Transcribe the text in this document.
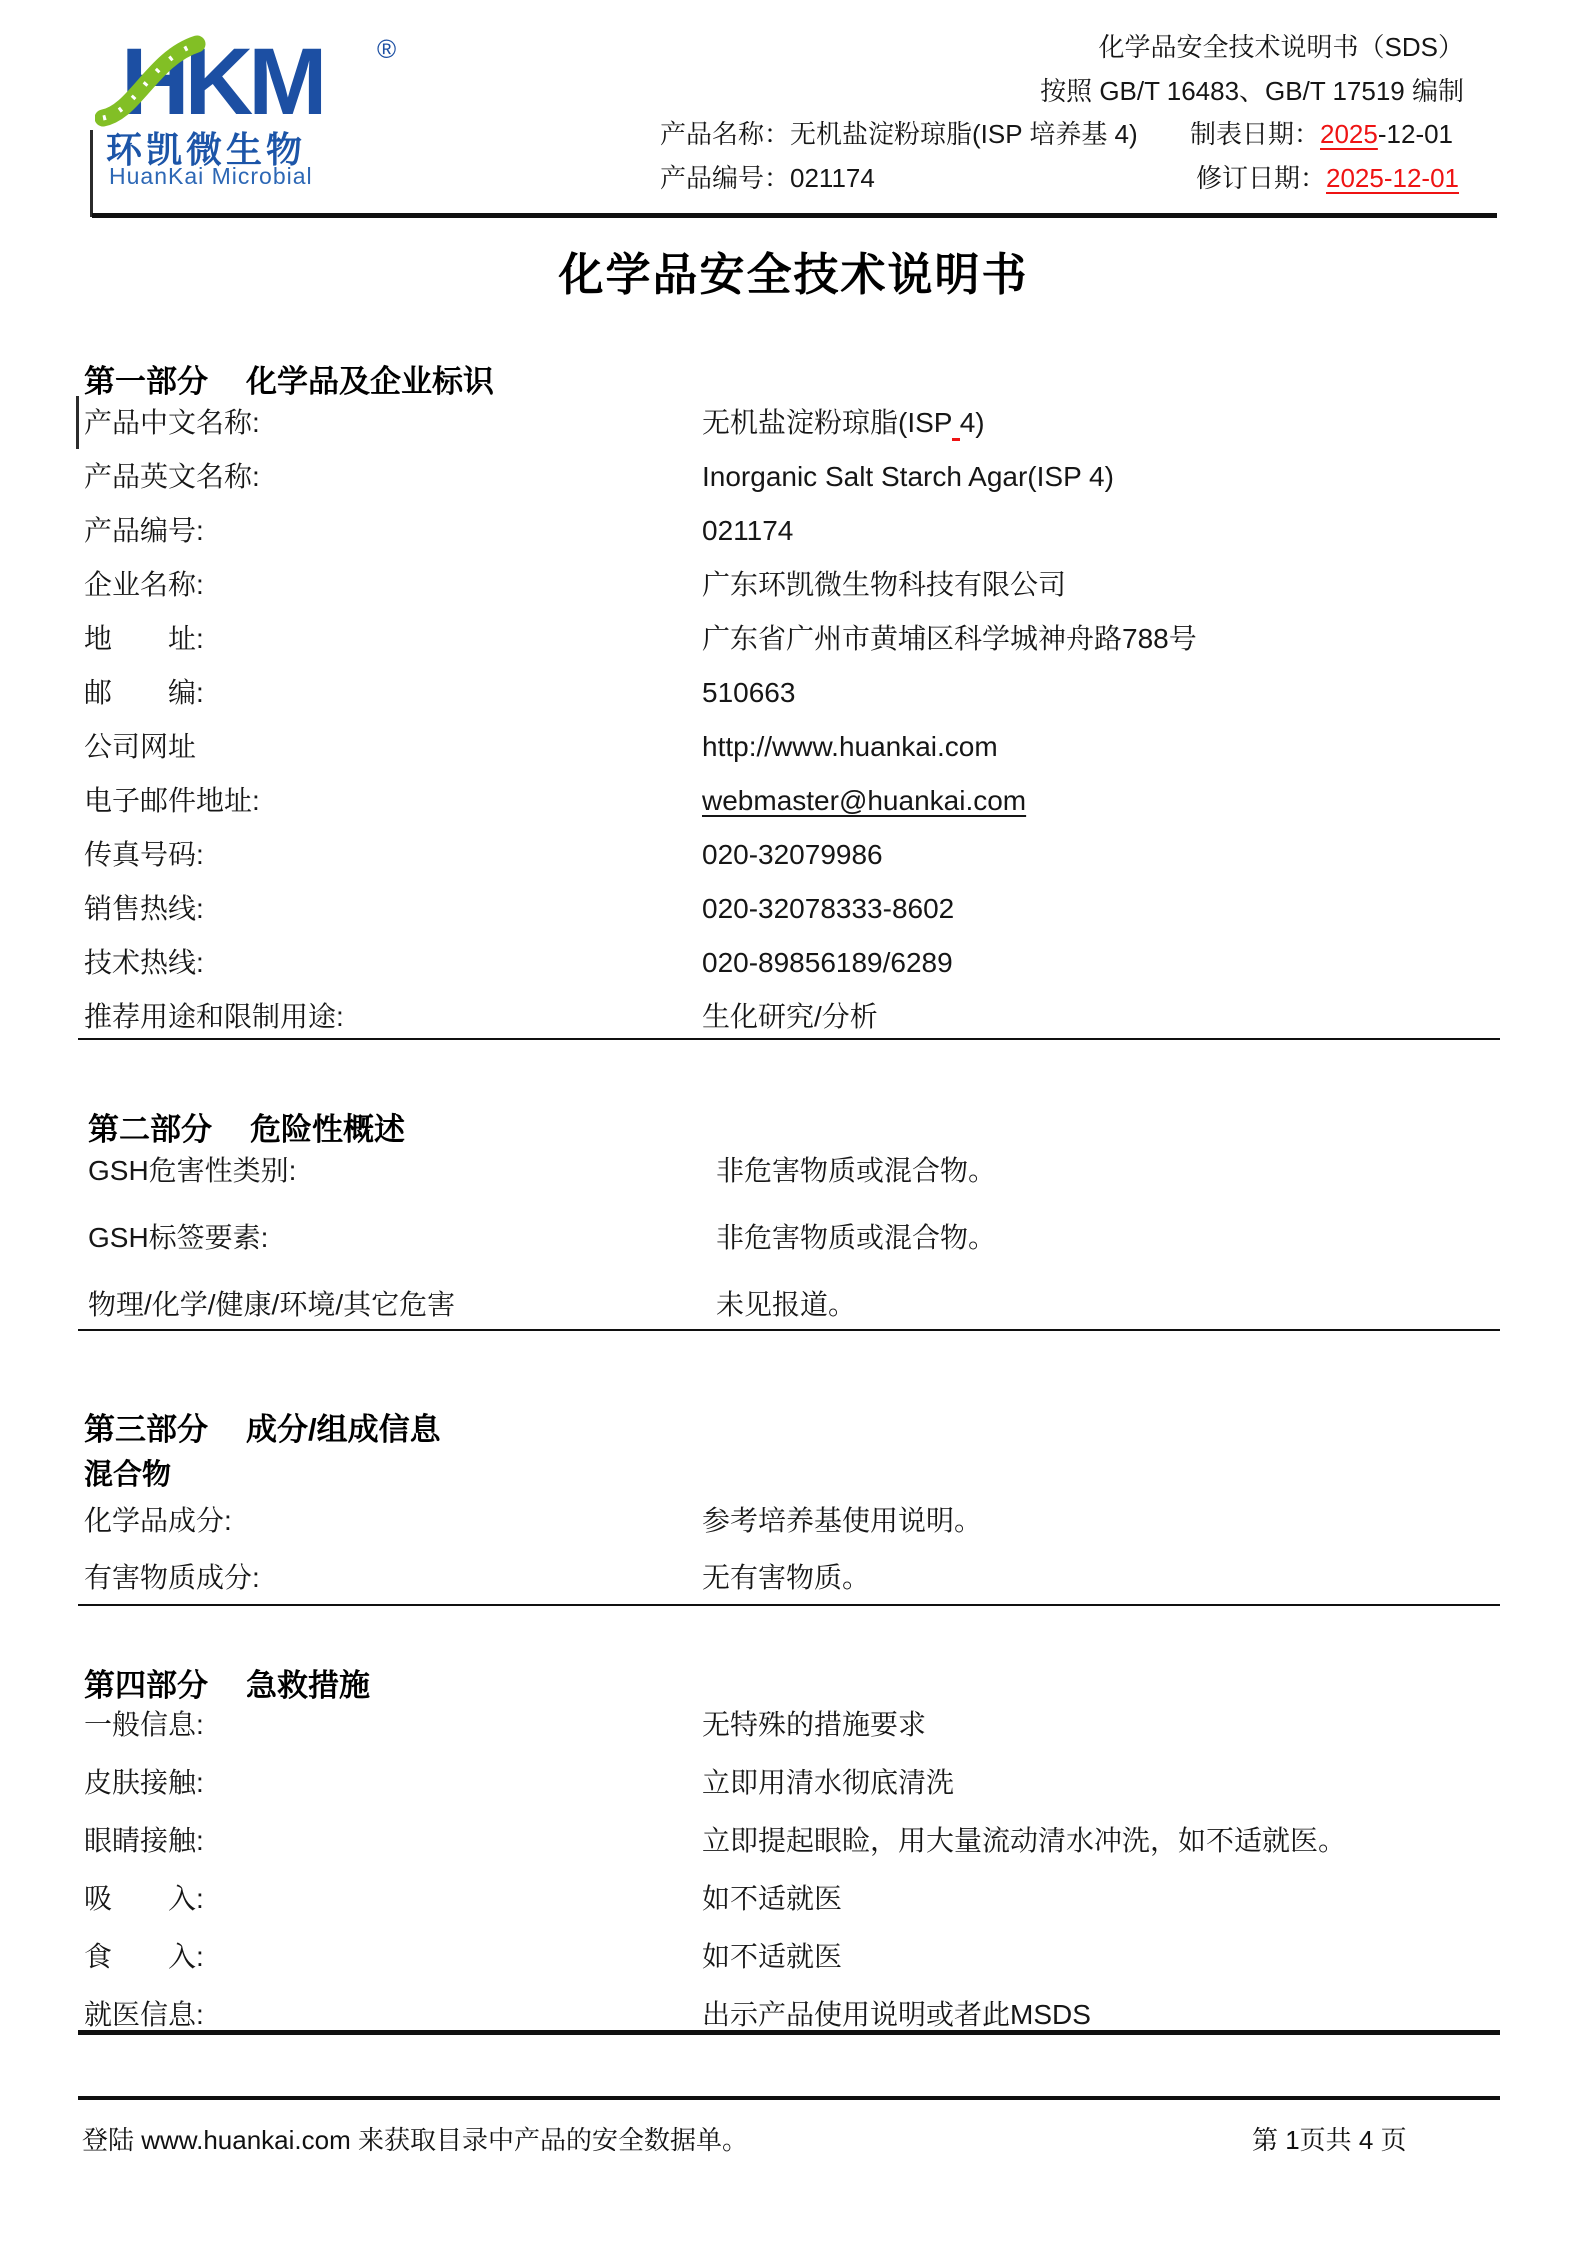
HKM ®
环凯微生物
HuanKai Microbial
化学品安全技术说明书（SDS）
按照 GB/T 16483、GB/T 17519 编制
产品名称：无机盐淀粉琼脂(ISP 培养基 4) 制表日期：2025-12-01
产品编号：021174	修订日期：2025-12-01
化学品安全技术说明书
第一部分 化学品及企业标识
产品中文名称:	无机盐淀粉琼脂(ISP 4)
产品英文名称:	Inorganic Salt Starch Agar(ISP 4)
产品编号:	021174
企业名称:	广东环凯微生物科技有限公司
地　　址:	广东省广州市黄埔区科学城神舟路788号
邮　　编:	510663
公司网址	http://www.huankai.com
电子邮件地址:	webmaster@huankai.com
传真号码:	020-32079986
销售热线:	020-32078333-8602
技术热线:	020-89856189/6289
推荐用途和限制用途:	生化研究/分析
第二部分 危险性概述
GSH危害性类别:	非危害物质或混合物。
GSH标签要素:	非危害物质或混合物。
物理/化学/健康/环境/其它危害	未见报道。
第三部分 成分/组成信息
混合物
化学品成分:	参考培养基使用说明。
有害物质成分:	无有害物质。
第四部分 急救措施
一般信息:	无特殊的措施要求
皮肤接触:	立即用清水彻底清洗
眼睛接触:	立即提起眼睑，用大量流动清水冲洗，如不适就医。
吸　　入:	如不适就医
食　　入:	如不适就医
就医信息:	出示产品使用说明或者此MSDS
登陆 www.huankai.com 来获取目录中产品的安全数据单。	第 1页共 4 页
